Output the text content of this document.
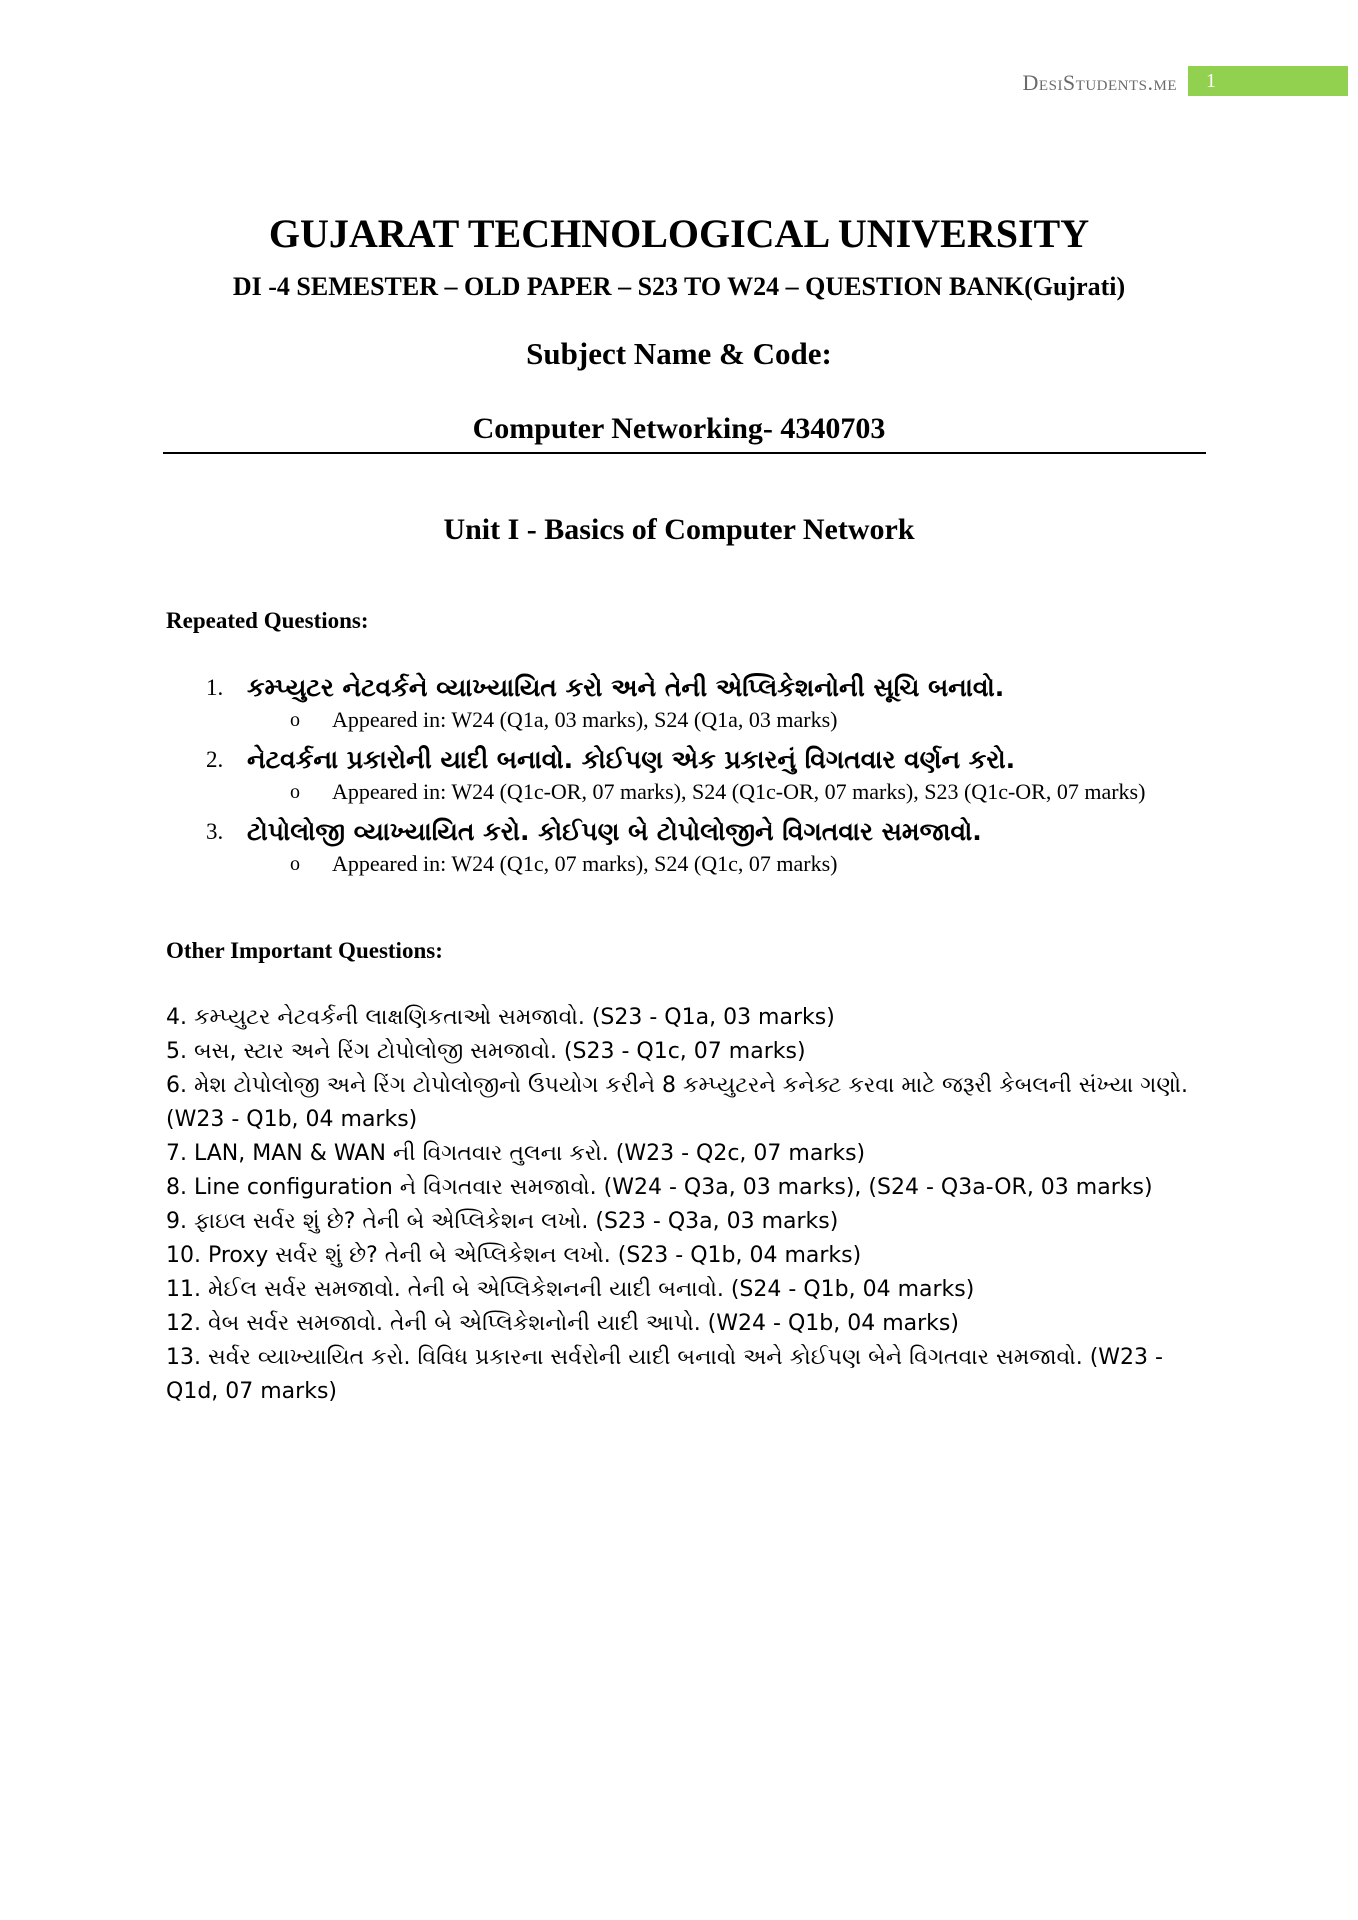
DesiStudents.me	1
GUJARAT TECHNOLOGICAL UNIVERSITY
DI -4 SEMESTER – OLD PAPER – S23 TO W24 – QUESTION BANK(Gujrati)
Subject Name & Code:
Computer Networking- 4340703
Unit I - Basics of Computer Network
Repeated Questions:
1. કમ્પ્યુટર નેટવર્કને વ્યાખ્યાયિત કરો અને તેની એપ્લિકેશનોની સૂચિ બનાવો.
o Appeared in: W24 (Q1a, 03 marks), S24 (Q1a, 03 marks)
2. નેટવર્કના પ્રકારોની યાદી બનાવો. કોઈપણ એક પ્રકારનું વિગતવાર વર્ણન કરો.
o Appeared in: W24 (Q1c-OR, 07 marks), S24 (Q1c-OR, 07 marks), S23 (Q1c-OR, 07 marks)
3. ટોપોલોજી વ્યાખ્યાયિત કરો. કોઈપણ બે ટોપોલોજીને વિગતવાર સમજાવો.
o Appeared in: W24 (Q1c, 07 marks), S24 (Q1c, 07 marks)
Other Important Questions:
4. કમ્પ્યુટર નેટવર્કની લાક્ષણિકતાઓ સમજાવો. (S23 - Q1a, 03 marks)
5. બસ, સ્ટાર અને રિંગ ટોપોલોજી સમજાવો. (S23 - Q1c, 07 marks)
6. મેશ ટોપોલોજી અને રિંગ ટોપોલોજીનો ઉપયોગ કરીને 8 કમ્પ્યુટરને કનેક્ટ કરવા માટે જરૂરી કેબલની સંખ્યા ગણો. (W23 - Q1b, 04 marks)
7. LAN, MAN & WAN ની વિગતવાર તુલના કરો. (W23 - Q2c, 07 marks)
8. Line configuration ને વિગતવાર સમજાવો. (W24 - Q3a, 03 marks), (S24 - Q3a-OR, 03 marks)
9. ફાઇલ સર્વર શું છે? તેની બે એપ્લિકેશન લખો. (S23 - Q3a, 03 marks)
10. Proxy સર્વર શું છે? તેની બે એપ્લિકેશન લખો. (S23 - Q1b, 04 marks)
11. મેઈલ સર્વર સમજાવો. તેની બે એપ્લિકેશનની યાદી બનાવો. (S24 - Q1b, 04 marks)
12. વેબ સર્વર સમજાવો. તેની બે એપ્લિકેશનોની યાદી આપો. (W24 - Q1b, 04 marks)
13. સર્વર વ્યાખ્યાયિત કરો. વિવિધ પ્રકારના સર્વરોની યાદી બનાવો અને કોઈપણ બેને વિગતવાર સમજાવો. (W23 - Q1d, 07 marks)
